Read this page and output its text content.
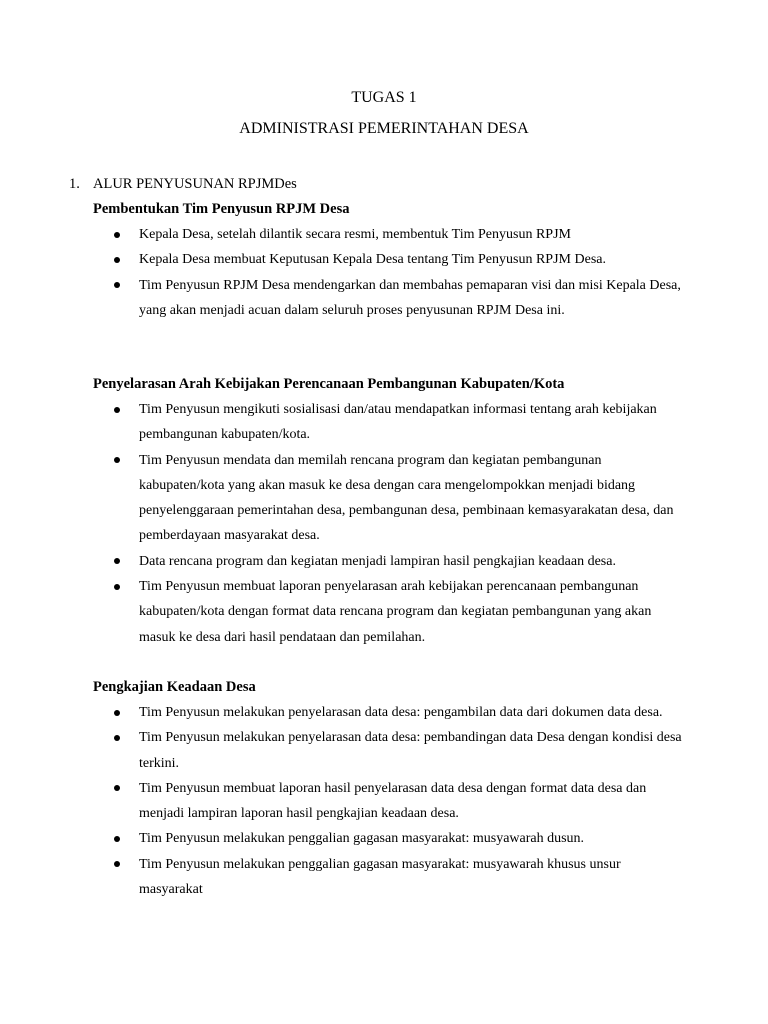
TUGAS 1
ADMINISTRASI PEMERINTAHAN DESA
1. ALUR PENYUSUNAN RPJMDes
Pembentukan Tim Penyusun RPJM Desa
Kepala Desa, setelah dilantik secara resmi, membentuk Tim Penyusun RPJM
Kepala Desa membuat Keputusan Kepala Desa tentang Tim Penyusun RPJM Desa.
Tim Penyusun RPJM Desa mendengarkan dan membahas pemaparan visi dan misi Kepala Desa, yang akan menjadi acuan dalam seluruh proses penyusunan RPJM Desa ini.
Penyelarasan Arah Kebijakan Perencanaan Pembangunan Kabupaten/Kota
Tim Penyusun mengikuti sosialisasi dan/atau mendapatkan informasi tentang arah kebijakan pembangunan kabupaten/kota.
Tim Penyusun mendata dan memilah rencana program dan kegiatan pembangunan kabupaten/kota yang akan masuk ke desa dengan cara mengelompokkan menjadi bidang penyelenggaraan pemerintahan desa, pembangunan desa, pembinaan kemasyarakatan desa, dan pemberdayaan masyarakat desa.
Data rencana program dan kegiatan menjadi lampiran hasil pengkajian keadaan desa.
Tim Penyusun membuat laporan penyelarasan arah kebijakan perencanaan pembangunan kabupaten/kota dengan format data rencana program dan kegiatan pembangunan yang akan masuk ke desa dari hasil pendataan dan pemilahan.
Pengkajian Keadaan Desa
Tim Penyusun melakukan penyelarasan data desa: pengambilan data dari dokumen data desa.
Tim Penyusun melakukan penyelarasan data desa: pembandingan data Desa dengan kondisi desa terkini.
Tim Penyusun membuat laporan hasil penyelarasan data desa dengan format data desa dan menjadi lampiran laporan hasil pengkajian keadaan desa.
Tim Penyusun melakukan penggalian gagasan masyarakat: musyawarah dusun.
Tim Penyusun melakukan penggalian gagasan masyarakat: musyawarah khusus unsur masyarakat
